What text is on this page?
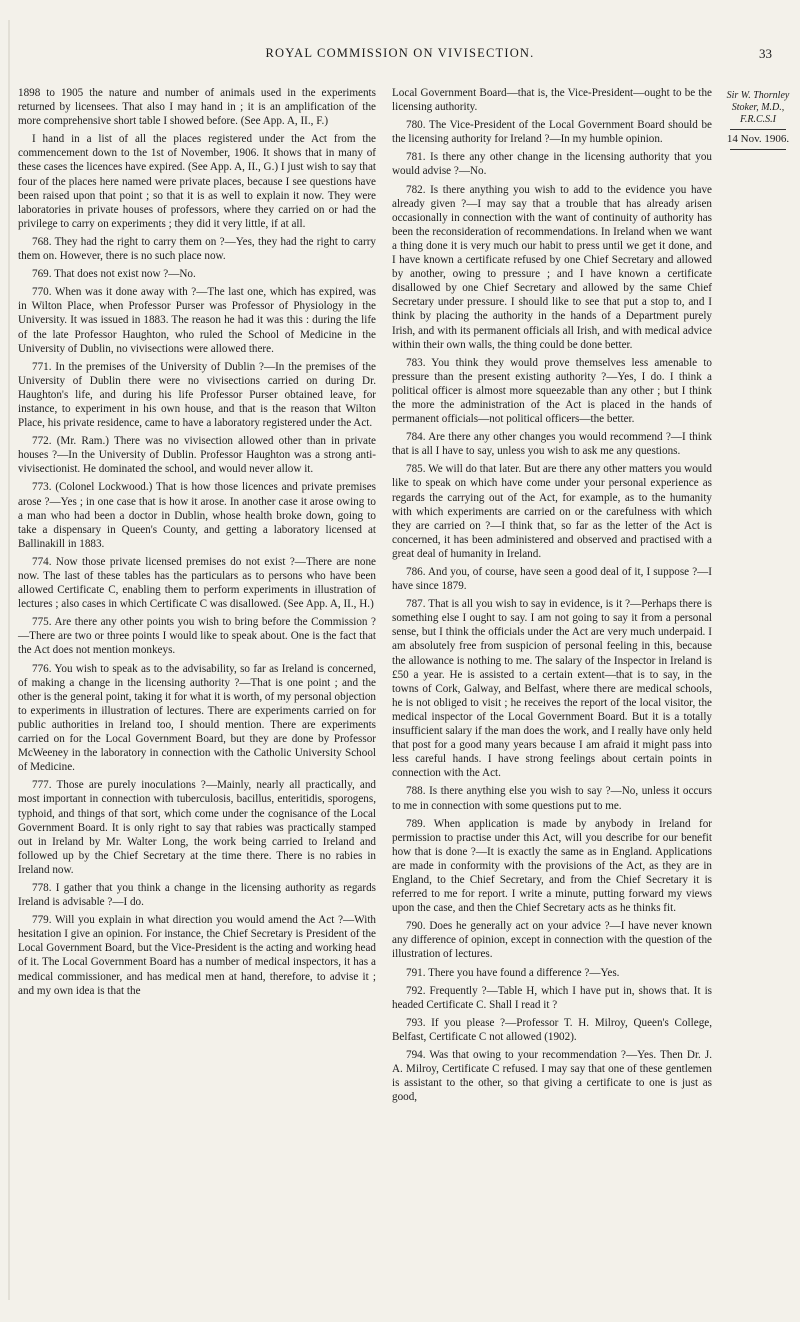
ROYAL COMMISSION ON VIVISECTION.	33

1898 to 1905 the nature and number of animals used in the experiments returned by licensees. That also I may hand in ; it is an amplification of the more comprehensive short table I showed before. (See App. A, II., F.)

I hand in a list of all the places registered under the Act from the commencement down to the 1st of November, 1906. It shows that in many of these cases the licences have expired. (See App. A, II., G.) I just wish to say that four of the places here named were private places, because I see questions have been raised upon that point ; so that it is as well to explain it now. They were laboratories in private houses of professors, where they carried on or had the privilege to carry on experiments ; they did it very little, if at all.

768. They had the right to carry them on ?—Yes, they had the right to carry them on. However, there is no such place now.

769. That does not exist now ?—No.

770. When was it done away with ?—The last one, which has expired, was in Wilton Place, when Professor Purser was Professor of Physiology in the University. It was issued in 1883. The reason he had it was this : during the life of the late Professor Haughton, who ruled the School of Medicine in the University of Dublin, no vivisections were allowed there.

771. In the premises of the University of Dublin ?—In the premises of the University of Dublin there were no vivisections carried on during Dr. Haughton's life, and during his life Professor Purser obtained leave, for instance, to experiment in his own house, and that is the reason that Wilton Place, his private residence, came to have a laboratory registered under the Act.

772. (Mr. Ram.) There was no vivisection allowed other than in private houses ?—In the University of Dublin. Professor Haughton was a strong anti-vivisectionist. He dominated the school, and would never allow it.

773. (Colonel Lockwood.) That is how those licences and private premises arose ?—Yes ; in one case that is how it arose. In another case it arose owing to a man who had been a doctor in Dublin, whose health broke down, going to take a dispensary in Queen's County, and getting a laboratory licensed at Ballinakill in 1883.

774. Now those private licensed premises do not exist ?—There are none now. The last of these tables has the particulars as to persons who have been allowed Certificate C, enabling them to perform experiments in illustration of lectures ; also cases in which Certificate C was disallowed. (See App. A, II., H.)

775. Are there any other points you wish to bring before the Commission ?—There are two or three points I would like to speak about. One is the fact that the Act does not mention monkeys.

776. You wish to speak as to the advisability, so far as Ireland is concerned, of making a change in the licensing authority ?—That is one point ; and the other is the general point, taking it for what it is worth, of my personal objection to experiments in illustration of lectures. There are experiments carried on for public authorities in Ireland too, I should mention. There are experiments carried on for the Local Government Board, but they are done by Professor McWeeney in the laboratory in connection with the Catholic University School of Medicine.

777. Those are purely inoculations ?—Mainly, nearly all practically, and most important in connection with tuberculosis, bacillus, enteritidis, sporogens, typhoid, and things of that sort, which come under the cognisance of the Local Government Board. It is only right to say that rabies was practically stamped out in Ireland by Mr. Walter Long, the work being carried to Ireland and followed up by the Chief Secretary at the time there. There is no rabies in Ireland now.

778. I gather that you think a change in the licensing authority as regards Ireland is advisable ?—I do.

779. Will you explain in what direction you would amend the Act ?—With hesitation I give an opinion. For instance, the Chief Secretary is President of the Local Government Board, but the Vice-President is the acting and working head of it. The Local Government Board has a number of medical inspectors, it has a medical commissioner, and has medical men at hand, therefore, to advise it ; and my own idea is that the

Local Government Board—that is, the Vice-President—ought to be the licensing authority.

780. The Vice-President of the Local Government Board should be the licensing authority for Ireland ?—In my humble opinion.

781. Is there any other change in the licensing authority that you would advise ?—No.

782. Is there anything you wish to add to the evidence you have already given ?—I may say that a trouble that has already arisen occasionally in connection with the want of continuity of authority has been the reconsideration of recommendations. In Ireland when we want a thing done it is very much our habit to press until we get it done, and I have known a certificate refused by one Chief Secretary and allowed by another, owing to pressure ; and I have known a certificate disallowed by one Chief Secretary and allowed by the same Chief Secretary under pressure. I should like to see that put a stop to, and I think by placing the authority in the hands of a Department purely Irish, and with its permanent officials all Irish, and with medical advice within their own walls, the thing could be done better.

783. You think they would prove themselves less amenable to pressure than the present existing authority ?—Yes, I do. I think a political officer is almost more squeezable than any other ; but I think the more the administration of the Act is placed in the hands of permanent officials—not political officers—the better.

784. Are there any other changes you would recommend ?—I think that is all I have to say, unless you wish to ask me any questions.

785. We will do that later. But are there any other matters you would like to speak on which have come under your personal experience as regards the carrying out of the Act, for example, as to the humanity with which experiments are carried on or the carefulness with which they are carried on ?—I think that, so far as the letter of the Act is concerned, it has been administered and observed and practised with a great deal of humanity in Ireland.

786. And you, of course, have seen a good deal of it, I suppose ?—I have since 1879.

787. That is all you wish to say in evidence, is it ?—Perhaps there is something else I ought to say. I am not going to say it from a personal sense, but I think the officials under the Act are very much underpaid. I am absolutely free from suspicion of personal feeling in this, because the allowance is nothing to me. The salary of the Inspector in Ireland is £50 a year. He is assisted to a certain extent—that is to say, in the towns of Cork, Galway, and Belfast, where there are medical schools, he is not obliged to visit ; he receives the report of the local visitor, the medical inspector of the Local Government Board. But it is a totally insufficient salary if the man does the work, and I really have only held that post for a good many years because I am afraid it might pass into less careful hands. I have strong feelings about certain points in connection with the Act.

788. Is there anything else you wish to say ?—No, unless it occurs to me in connection with some questions put to me.

789. When application is made by anybody in Ireland for permission to practise under this Act, will you describe for our benefit how that is done ?—It is exactly the same as in England. Applications are made in conformity with the provisions of the Act, as they are in England, to the Chief Secretary, and from the Chief Secretary it is referred to me for report. I write a minute, putting forward my views upon the case, and then the Chief Secretary acts as he thinks fit.

790. Does he generally act on your advice ?—I have never known any difference of opinion, except in connection with the question of the illustration of lectures.

791. There you have found a difference ?—Yes.

792. Frequently ?—Table H, which I have put in, shows that. It is headed Certificate C. Shall I read it ?

793. If you please ?—Professor T. H. Milroy, Queen's College, Belfast, Certificate C not allowed (1902).

794. Was that owing to your recommendation ?—Yes. Then Dr. J. A. Milroy, Certificate C refused. I may say that one of these gentlemen is assistant to the other, so that giving a certificate to one is just as good,

Sir W. Thornley Stoker, M.D., F.R.C.S.I
14 Nov. 1906.
